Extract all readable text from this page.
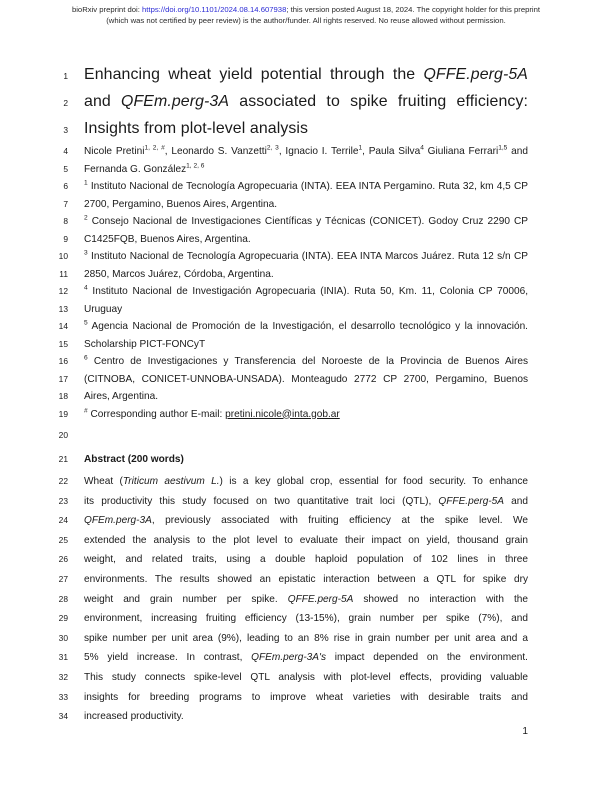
bioRxiv preprint doi: https://doi.org/10.1101/2024.08.14.607938; this version posted August 18, 2024. The copyright holder for this preprint
(which was not certified by peer review) is the author/funder. All rights reserved. No reuse allowed without permission.
1 Enhancing wheat yield potential through the QFFE.perg-5A
2 and QFEm.perg-3A associated to spike fruiting efficiency:
3 Insights from plot-level analysis
4 Nicole Pretini$^{1, 2, \#}$, Leonardo S. Vanzetti$^{2, 3}$, Ignacio I. Terrile$^1$, Paula Silva$^4$ Giuliana Ferrari$^{1,5}$ and
5 Fernanda G. González$^{1, 2, 6}$
6 $^1$ Instituto Nacional de Tecnología Agropecuaria (INTA). EEA INTA Pergamino. Ruta 32, km 4,5 CP
7 2700, Pergamino, Buenos Aires, Argentina.
8 $^2$ Consejo Nacional de Investigaciones Científicas y Técnicas (CONICET). Godoy Cruz 2290 CP
9 C1425FQB, Buenos Aires, Argentina.
10 $^3$ Instituto Nacional de Tecnología Agropecuaria (INTA). EEA INTA Marcos Juárez. Ruta 12 s/n CP
11 2850, Marcos Juárez, Córdoba, Argentina.
12 $^4$ Instituto Nacional de Investigación Agropecuaria (INIA). Ruta 50, Km. 11, Colonia CP 70006,
13 Uruguay
14 $^5$ Agencia Nacional de Promoción de la Investigación, el desarrollo tecnológico y la innovación.
15 Scholarship PICT-FONCyT
16 $^6$ Centro de Investigaciones y Transferencia del Noroeste de la Provincia de Buenos Aires
17 (CITNOBA, CONICET-UNNOBA-UNSADA). Monteagudo 2772 CP 2700, Pergamino, Buenos
18 Aires, Argentina.
19 # Corresponding author E-mail: pretini.nicole@inta.gob.ar
20
21 Abstract (200 words)
22 Wheat (Triticum aestivum L.) is a key global crop, essential for food security. To enhance
23 its productivity this study focused on two quantitative trait loci (QTL), QFFE.perg-5A and
24 QFEm.perg-3A, previously associated with fruiting efficiency at the spike level. We
25 extended the analysis to the plot level to evaluate their impact on yield, thousand grain
26 weight, and related traits, using a double haploid population of 102 lines in three
27 environments. The results showed an epistatic interaction between a QTL for spike dry
28 weight and grain number per spike. QFFE.perg-5A showed no interaction with the
29 environment, increasing fruiting efficiency (13-15%), grain number per spike (7%), and
30 spike number per unit area (9%), leading to an 8% rise in grain number per unit area and a
31 5% yield increase. In contrast, QFEm.perg-3A's impact depended on the environment.
32 This study connects spike-level QTL analysis with plot-level effects, providing valuable
33 insights for breeding programs to improve wheat varieties with desirable traits and
34 increased productivity.
1
